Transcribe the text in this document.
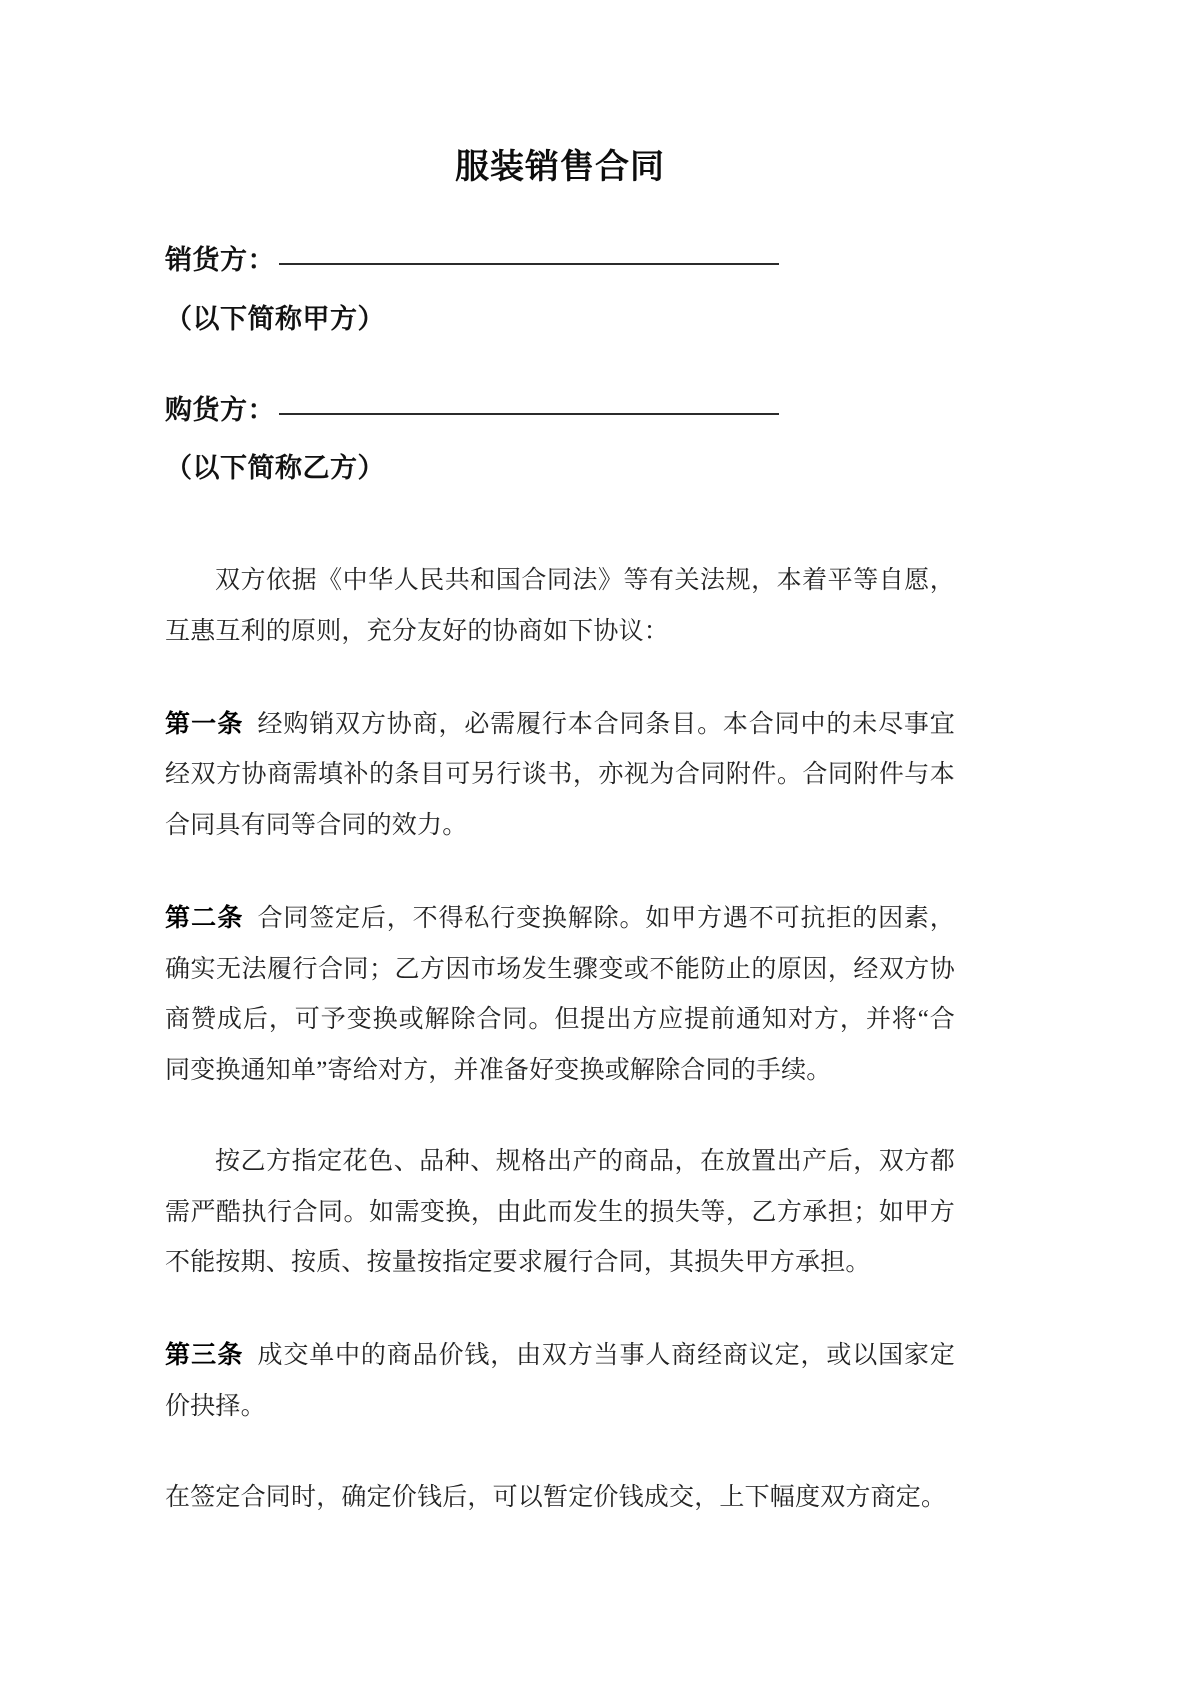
服装销售合同
销货方：（以下简称甲方）
购货方：（以下简称乙方）

双方依据《中华人民共和国合同法》等有关法规，本着平等自愿，互惠互利的原则，充分友好的协商如下协议：

第一条 经购销双方协商，必需履行本合同条目。本合同中的未尽事宜经双方协商需填补的条目可另行谈书，亦视为合同附件。合同附件与本合同具有同等合同的效力。

第二条 合同签定后，不得私行变换解除。如甲方遇不可抗拒的因素，确实无法履行合同；乙方因市场发生骤变或不能防止的原因，经双方协商赞成后，可予变换或解除合同。但提出方应提前通知对方，并将“合同变换通知单”寄给对方，并准备好变换或解除合同的手续。

按乙方指定花色、品种、规格出产的商品，在放置出产后，双方都需严酷执行合同。如需变换，由此而发生的损失等，乙方承担；如甲方不能按期、按质、按量按指定要求履行合同，其损失甲方承担。

第三条 成交单中的商品价钱，由双方当事人商经商议定，或以国家定价抉择。

在签定合同时，确定价钱后，可以暂定价钱成交，上下幅度双方商定。
